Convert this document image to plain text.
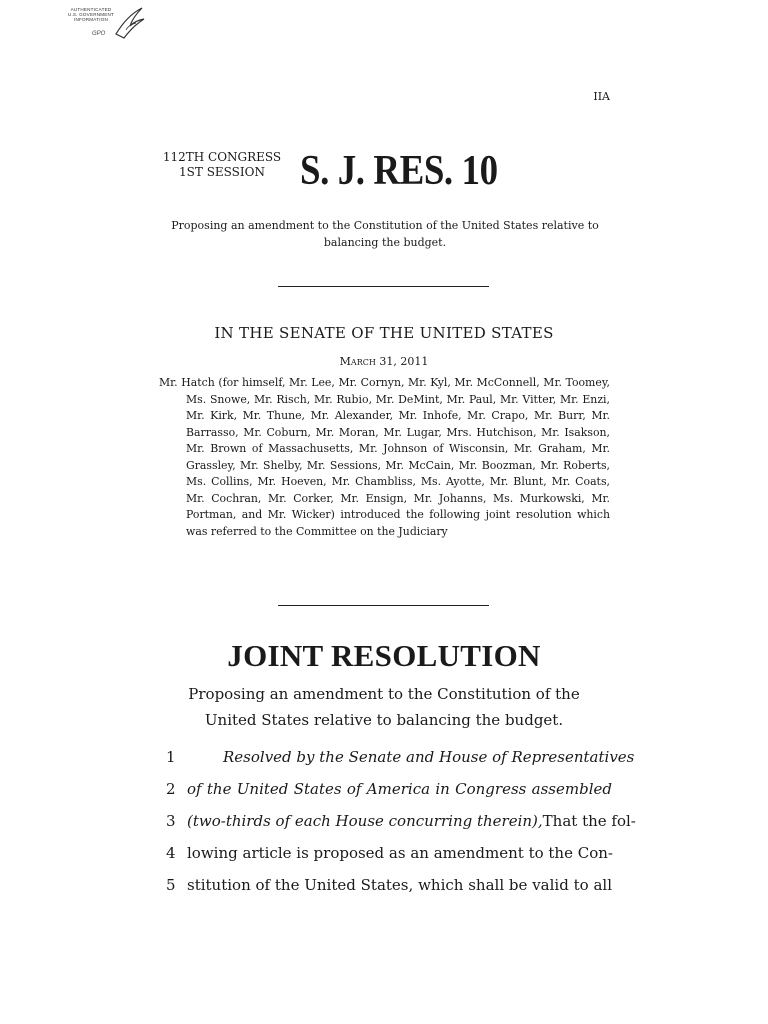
AUTHENTICATED
U.S. GOVERNMENT
INFORMATION
GPO
IIA
112TH CONGRESS
1ST SESSION S. J. RES. 10
Proposing an amendment to the Constitution of the United States relative to balancing the budget.
IN THE SENATE OF THE UNITED STATES
March 31, 2011
Mr. Hatch (for himself, Mr. Lee, Mr. Cornyn, Mr. Kyl, Mr. McConnell, Mr. Toomey, Ms. Snowe, Mr. Risch, Mr. Rubio, Mr. DeMint, Mr. Paul, Mr. Vitter, Mr. Enzi, Mr. Kirk, Mr. Thune, Mr. Alexander, Mr. Inhofe, Mr. Crapo, Mr. Burr, Mr. Barrasso, Mr. Coburn, Mr. Moran, Mr. Lugar, Mrs. Hutchison, Mr. Isakson, Mr. Brown of Massachusetts, Mr. Johnson of Wisconsin, Mr. Graham, Mr. Grassley, Mr. Shelby, Mr. Sessions, Mr. McCain, Mr. Boozman, Mr. Roberts, Ms. Collins, Mr. Hoeven, Mr. Chambliss, Ms. Ayotte, Mr. Blunt, Mr. Coats, Mr. Cochran, Mr. Corker, Mr. Ensign, Mr. Johanns, Ms. Murkowski, Mr. Portman, and Mr. Wicker) introduced the following joint resolution which was referred to the Committee on the Judiciary
JOINT RESOLUTION
Proposing an amendment to the Constitution of the United States relative to balancing the budget.
1	Resolved by the Senate and House of Representatives
2 of the United States of America in Congress assembled
3 (two-thirds of each House concurring therein), That the fol-
4 lowing article is proposed as an amendment to the Con-
5 stitution of the United States, which shall be valid to all
